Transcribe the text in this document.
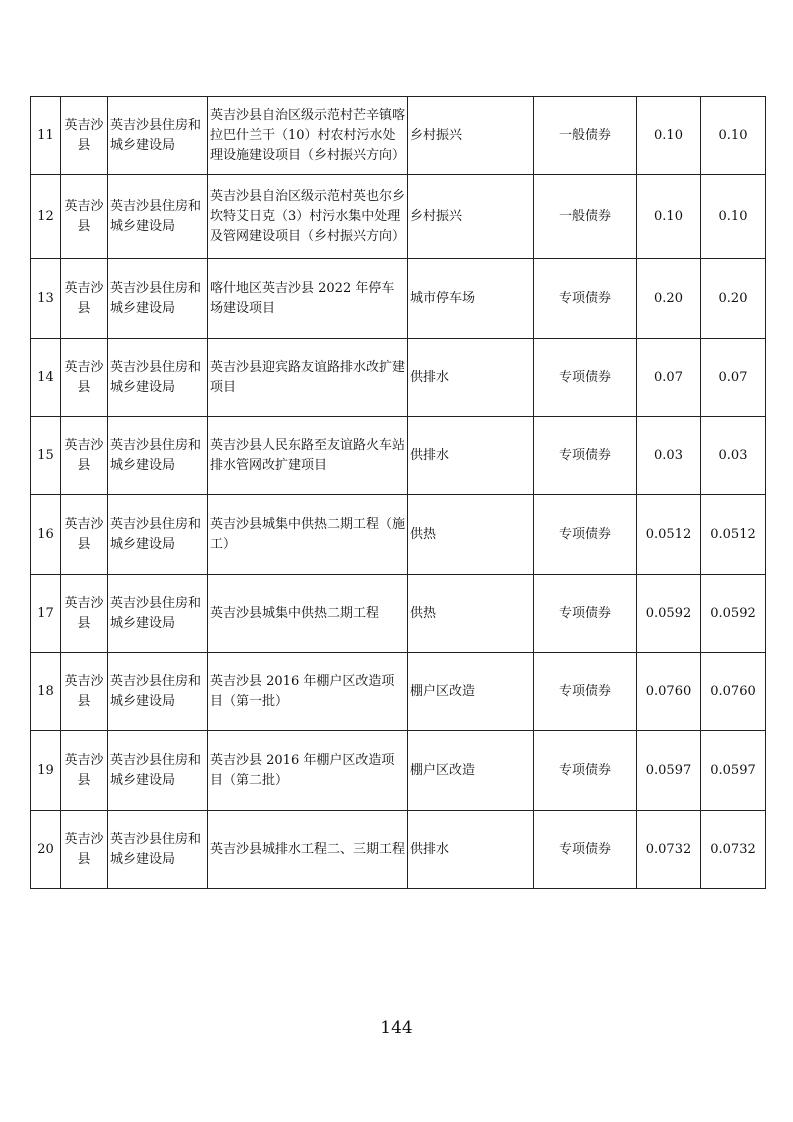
11	英吉沙县	英吉沙县住房和城乡建设局	英吉沙县自治区级示范村芒辛镇喀拉巴什兰干（10）村农村污水处理设施建设项目（乡村振兴方向）	乡村振兴	一般债券	0.10	0.10
12	英吉沙县	英吉沙县住房和城乡建设局	英吉沙县自治区级示范村英也尔乡坎特艾日克（3）村污水集中处理及管网建设项目（乡村振兴方向）	乡村振兴	一般债券	0.10	0.10
13	英吉沙县	英吉沙县住房和城乡建设局	喀什地区英吉沙县 2022 年停车场建设项目	城市停车场	专项债券	0.20	0.20
14	英吉沙县	英吉沙县住房和城乡建设局	英吉沙县迎宾路友谊路排水改扩建项目	供排水	专项债券	0.07	0.07
15	英吉沙县	英吉沙县住房和城乡建设局	英吉沙县人民东路至友谊路火车站排水管网改扩建项目	供排水	专项债券	0.03	0.03
16	英吉沙县	英吉沙县住房和城乡建设局	英吉沙县城集中供热二期工程（施工）	供热	专项债券	0.0512	0.0512
17	英吉沙县	英吉沙县住房和城乡建设局	英吉沙县城集中供热二期工程	供热	专项债券	0.0592	0.0592
18	英吉沙县	英吉沙县住房和城乡建设局	英吉沙县 2016 年棚户区改造项目（第一批）	棚户区改造	专项债券	0.0760	0.0760
19	英吉沙县	英吉沙县住房和城乡建设局	英吉沙县 2016 年棚户区改造项目（第二批）	棚户区改造	专项债券	0.0597	0.0597
20	英吉沙县	英吉沙县住房和城乡建设局	英吉沙县城排水工程二、三期工程	供排水	专项债券	0.0732	0.0732
144
